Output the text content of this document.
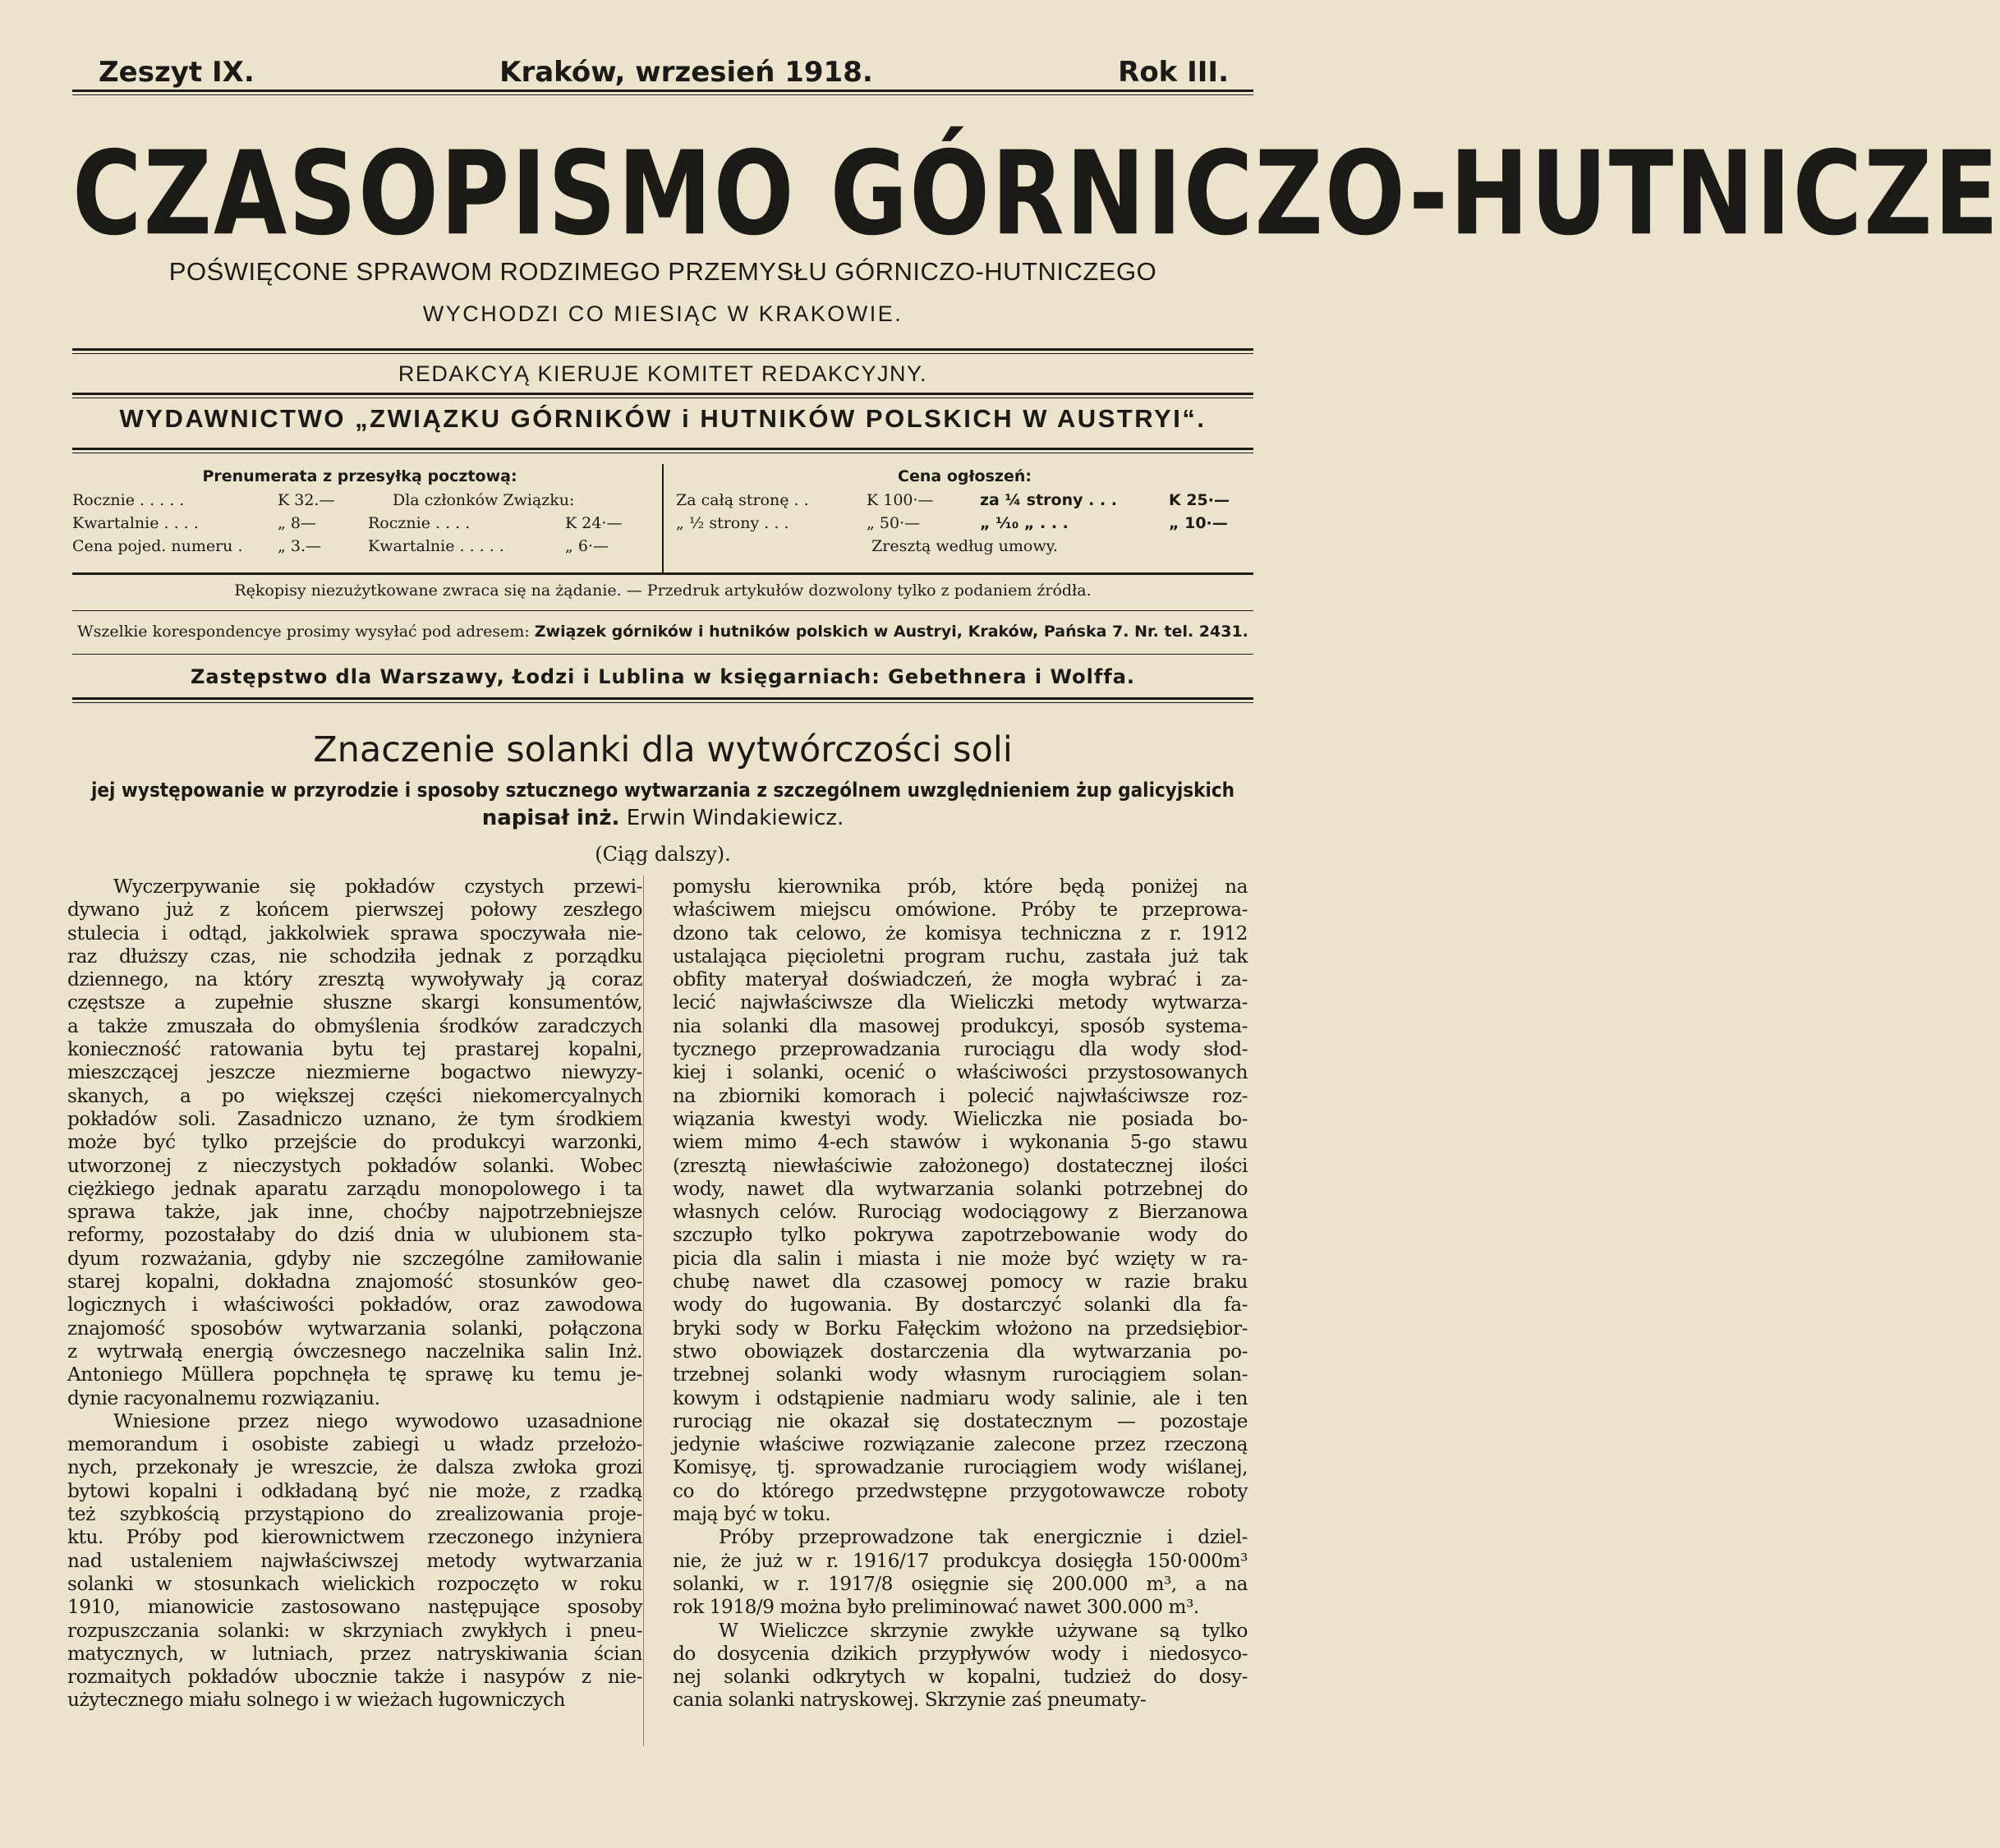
Zeszyt IX.	Kraków, wrzesień 1918.	Rok III.
CZASOPISMO GÓRNICZO-HUTNICZE
POŚWIĘCONE SPRAWOM RODZIMEGO PRZEMYSŁU GÓRNICZO-HUTNICZEGO
WYCHODZI CO MIESIĄC W KRAKOWIE.
REDAKCYĄ KIERUJE KOMITET REDAKCYJNY.
WYDAWNICTWO „ZWIĄZKU GÓRNIKÓW i HUTNIKÓW POLSKICH W AUSTRYI“.
Prenumerata z przesyłką pocztową:
Rocznie . . . . .	K 32.—	Dla członków Związku:
Kwartalnie . . . .	„ 8—	Rocznie . . . .	K 24·—
Cena pojed. numeru . „ 3.—	Kwartalnie . . . . .	„ 6·—
Cena ogłoszeń:
Za całą stronę . .	K 100·—	za ¼ strony . . .	K 25·—
„ ½ strony . . .	„ 50·—	„ ⅒ „ . . .	„ 10·—
Zresztą według umowy.
Rękopisy niezużytkowane zwraca się na żądanie. — Przedruk artykułów dozwolony tylko z podaniem źródła.
Wszelkie korespondencye prosimy wysyłać pod adresem: Związek górników i hutników polskich w Austryi, Kraków, Pańska 7. Nr. tel. 2431.
Zastępstwo dla Warszawy, Łodzi i Lublina w księgarniach: Gebethnera i Wolffa.
Znaczenie solanki dla wytwórczości soli
jej występowanie w przyrodzie i sposoby sztucznego wytwarzania z szczególnem uwzględnieniem żup galicyjskich
napisał inż. Erwin Windakiewicz.
(Ciąg dalszy).
Wyczerpywanie się pokładów czystych przewi-
dywano już z końcem pierwszej połowy zeszłego
stulecia i odtąd, jakkolwiek sprawa spoczywała nie-
raz dłuższy czas, nie schodziła jednak z porządku
dziennego, na który zresztą wywoływały ją coraz
częstsze a zupełnie słuszne skargi konsumentów,
a także zmuszała do obmyślenia środków zaradczych
konieczność ratowania bytu tej prastarej kopalni,
mieszczącej jeszcze niezmierne bogactwo niewyzy-
skanych, a po większej części niekomercyalnych
pokładów soli. Zasadniczo uznano, że tym środkiem
może być tylko przejście do produkcyi warzonki,
utworzonej z nieczystych pokładów solanki. Wobec
ciężkiego jednak aparatu zarządu monopolowego i ta
sprawa także, jak inne, choćby najpotrzebniejsze
reformy, pozostałaby do dziś dnia w ulubionem sta-
dyum rozważania, gdyby nie szczególne zamiłowanie
starej kopalni, dokładna znajomość stosunków geo-
logicznych i właściwości pokładów, oraz zawodowa
znajomość sposobów wytwarzania solanki, połączona
z wytrwałą energią ówczesnego naczelnika salin Inż.
Antoniego Müllera popchnęła tę sprawę ku temu je-
dynie racyonalnemu rozwiązaniu.
Wniesione przez niego wywodowo uzasadnione
memorandum i osobiste zabiegi u władz przełożo-
nych, przekonały je wreszcie, że dalsza zwłoka grozi
bytowi kopalni i odkładaną być nie może, z rzadką
też szybkością przystąpiono do zrealizowania proje-
ktu. Próby pod kierownictwem rzeczonego inżyniera
nad ustaleniem najwłaściwszej metody wytwarzania
solanki w stosunkach wielickich rozpoczęto w roku
1910, mianowicie zastosowano następujące sposoby
rozpuszczania solanki: w skrzyniach zwykłych i pneu-
matycznych, w lutniach, przez natryskiwania ścian
rozmaitych pokładów ubocznie także i nasypów z nie-
użytecznego miału solnego i w wieżach ługowniczych
pomysłu kierownika prób, które będą poniżej na
właściwem miejscu omówione. Próby te przeprowa-
dzono tak celowo, że komisya techniczna z r. 1912
ustalająca pięcioletni program ruchu, zastała już tak
obfity materyał doświadczeń, że mogła wybrać i za-
lecić najwłaściwsze dla Wieliczki metody wytwarza-
nia solanki dla masowej produkcyi, sposób systema-
tycznego przeprowadzania rurociągu dla wody słod-
kiej i solanki, ocenić o właściwości przystosowanych
na zbiorniki komorach i polecić najwłaściwsze roz-
wiązania kwestyi wody. Wieliczka nie posiada bo-
wiem mimo 4-ech stawów i wykonania 5-go stawu
(zresztą niewłaściwie założonego) dostatecznej ilości
wody, nawet dla wytwarzania solanki potrzebnej do
własnych celów. Rurociąg wodociągowy z Bierzanowa
szczupło tylko pokrywa zapotrzebowanie wody do
picia dla salin i miasta i nie może być wzięty w ra-
chubę nawet dla czasowej pomocy w razie braku
wody do ługowania. By dostarczyć solanki dla fa-
bryki sody w Borku Fałęckim włożono na przedsiębior-
stwo obowiązek dostarczenia dla wytwarzania po-
trzebnej solanki wody własnym rurociągiem solan-
kowym i odstąpienie nadmiaru wody salinie, ale i ten
rurociąg nie okazał się dostatecznym — pozostaje
jedynie właściwe rozwiązanie zalecone przez rzeczoną
Komisyę, tj. sprowadzanie rurociągiem wody wiślanej,
co do którego przedwstępne przygotowawcze roboty
mają być w toku.
Próby przeprowadzone tak energicznie i dziel-
nie, że już w r. 1916/17 produkcya dosięgła 150·000m³
solanki, w r. 1917/8 osięgnie się 200.000 m³, a na
rok 1918/9 można było preliminować nawet 300.000 m³.
W Wieliczce skrzynie zwykłe używane są tylko
do dosycenia dzikich przypływów wody i niedosyco-
nej solanki odkrytych w kopalni, tudzież do dosy-
cania solanki natryskowej. Skrzynie zaś pneumaty-
